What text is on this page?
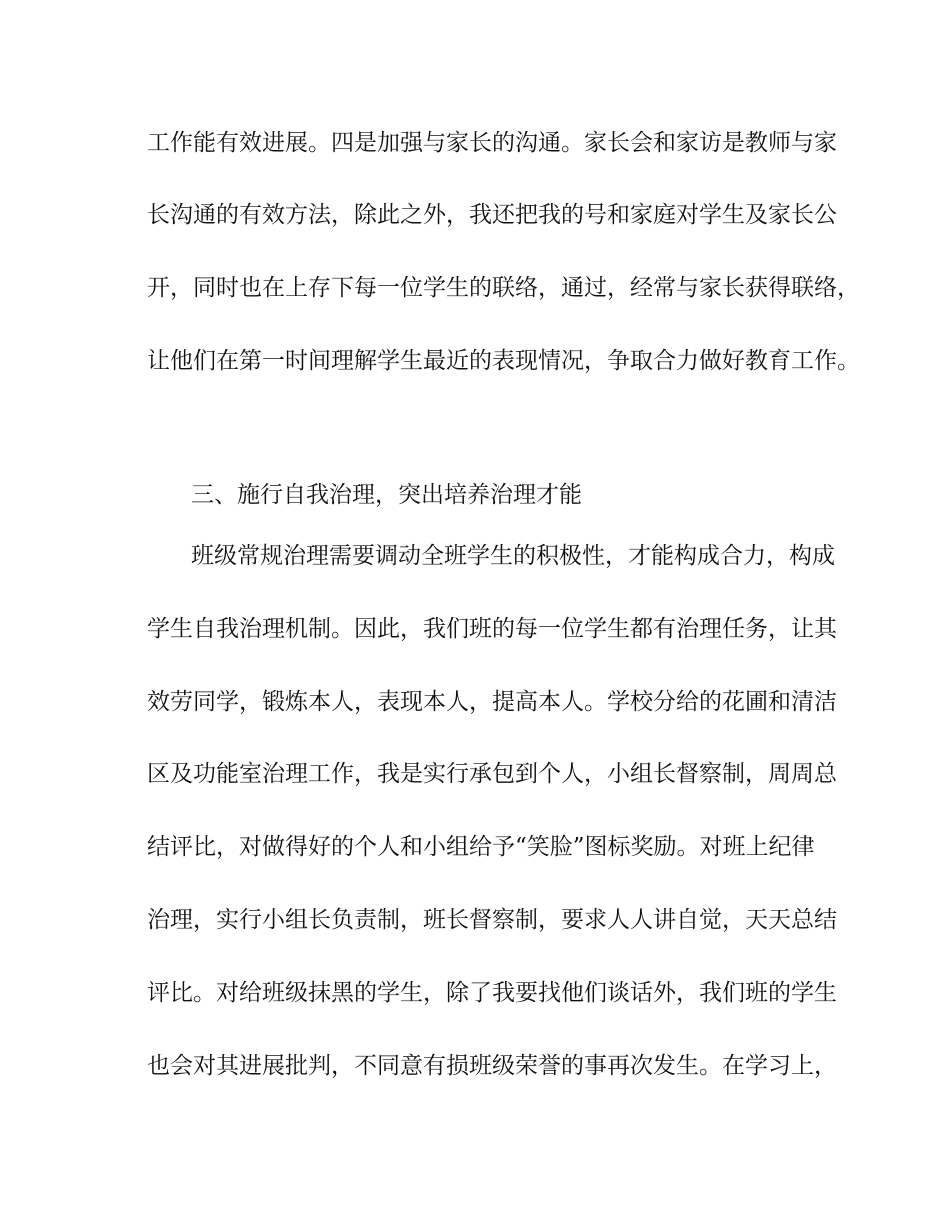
工作能有效进展。四是加强与家长的沟通。家长会和家访是教师与家
长沟通的有效方法，除此之外，我还把我的号和家庭对学生及家长公
开，同时也在上存下每一位学生的联络，通过，经常与家长获得联络，
让他们在第一时间理解学生最近的表现情况，争取合力做好教育工作。
三、施行自我治理，突出培养治理才能
班级常规治理需要调动全班学生的积极性，才能构成合力，构成
学生自我治理机制。因此，我们班的每一位学生都有治理任务，让其
效劳同学，锻炼本人，表现本人，提高本人。学校分给的花圃和清洁
区及功能室治理工作，我是实行承包到个人，小组长督察制，周周总
结评比，对做得好的个人和小组给予“笑脸”图标奖励。对班上纪律
治理，实行小组长负责制，班长督察制，要求人人讲自觉，天天总结
评比。对给班级抹黑的学生，除了我要找他们谈话外，我们班的学生
也会对其进展批判，不同意有损班级荣誉的事再次发生。在学习上，
